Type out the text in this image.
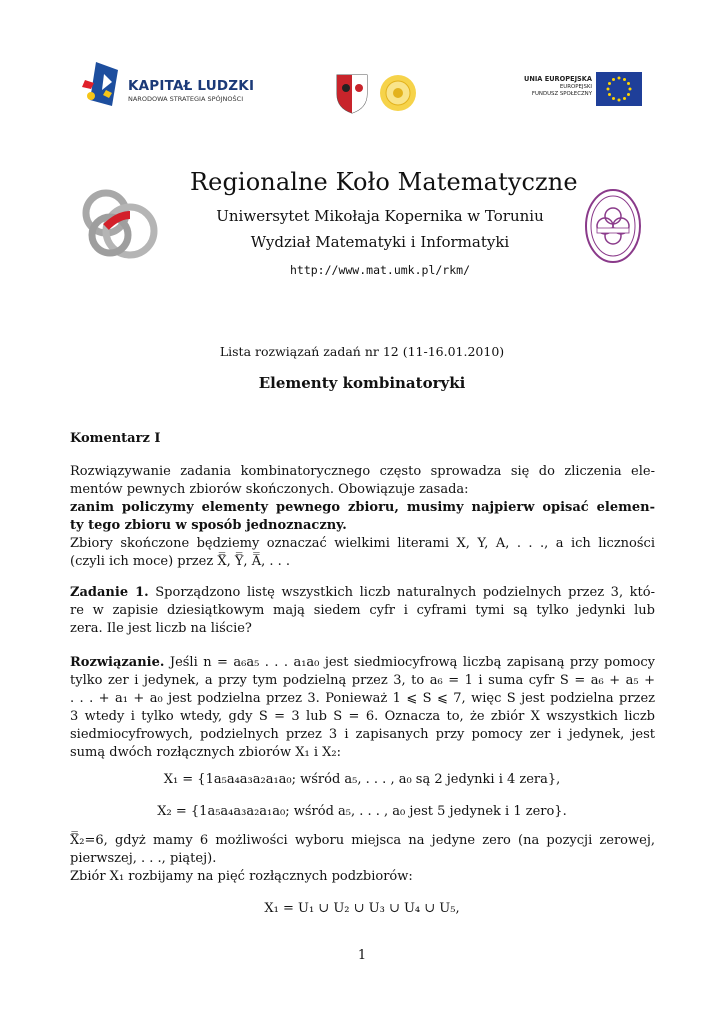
KAPITAŁ LUDZKI
NARODOWA STRATEGIA SPÓJNOŚCI
UNIA EUROPEJSKA
EUROPEJSKI
FUNDUSZ SPOŁECZNY
Regionalne Koło Matematyczne
Uniwersytet Mikołaja Kopernika w Toruniu
Wydział Matematyki i Informatyki
http://www.mat.umk.pl/rkm/
Lista rozwiązań zadań nr 12 (11-16.01.2010)
Elementy kombinatoryki
Komentarz I
Rozwiązywanie zadania kombinatorycznego często sprowadza się do zliczenia ele-
mentów pewnych zbiorów skończonych. Obowiązuje zasada:
zanim policzymy elementy pewnego zbioru, musimy najpierw opisać elemen-
ty tego zbioru w sposób jednoznaczny.
Zbiory skończone będziemy oznaczać wielkimi literami X, Y, A, . . ., a ich liczności
(czyli ich moce) przez X̿, Y̿, A̿, . . .
Zadanie 1. Sporządzono listę wszystkich liczb naturalnych podzielnych przez 3, któ-
re w zapisie dziesiątkowym mają siedem cyfr i cyframi tymi są tylko jedynki lub
zera. Ile jest liczb na liście?
Rozwiązanie. Jeśli n = a₆a₅ . . . a₁a₀ jest siedmiocyfrową liczbą zapisaną przy pomocy
tylko zer i jedynek, a przy tym podzielną przez 3, to a₆ = 1 i suma cyfr S = a₆ + a₅ +
. . . + a₁ + a₀ jest podzielna przez 3. Ponieważ 1 ⩽ S ⩽ 7, więc S jest podzielna przez
3 wtedy i tylko wtedy, gdy S = 3 lub S = 6. Oznacza to, że zbiór X wszystkich liczb
siedmiocyfrowych, podzielnych przez 3 i zapisanych przy pomocy zer i jedynek, jest
sumą dwóch rozłącznych zbiorów X₁ i X₂:
X₁ = {1a₅a₄a₃a₂a₁a₀; wśród a₅, . . . , a₀ są 2 jedynki i 4 zera},
X₂ = {1a₅a₄a₃a₂a₁a₀; wśród a₅, . . . , a₀ jest 5 jedynek i 1 zero}.
X̿₂=6, gdyż mamy 6 możliwości wyboru miejsca na jedyne zero (na pozycji zerowej,
pierwszej, . . ., piątej).
Zbiór X₁ rozbijamy na pięć rozłącznych podzbiorów:
X₁ = U₁ ∪ U₂ ∪ U₃ ∪ U₄ ∪ U₅,
1
